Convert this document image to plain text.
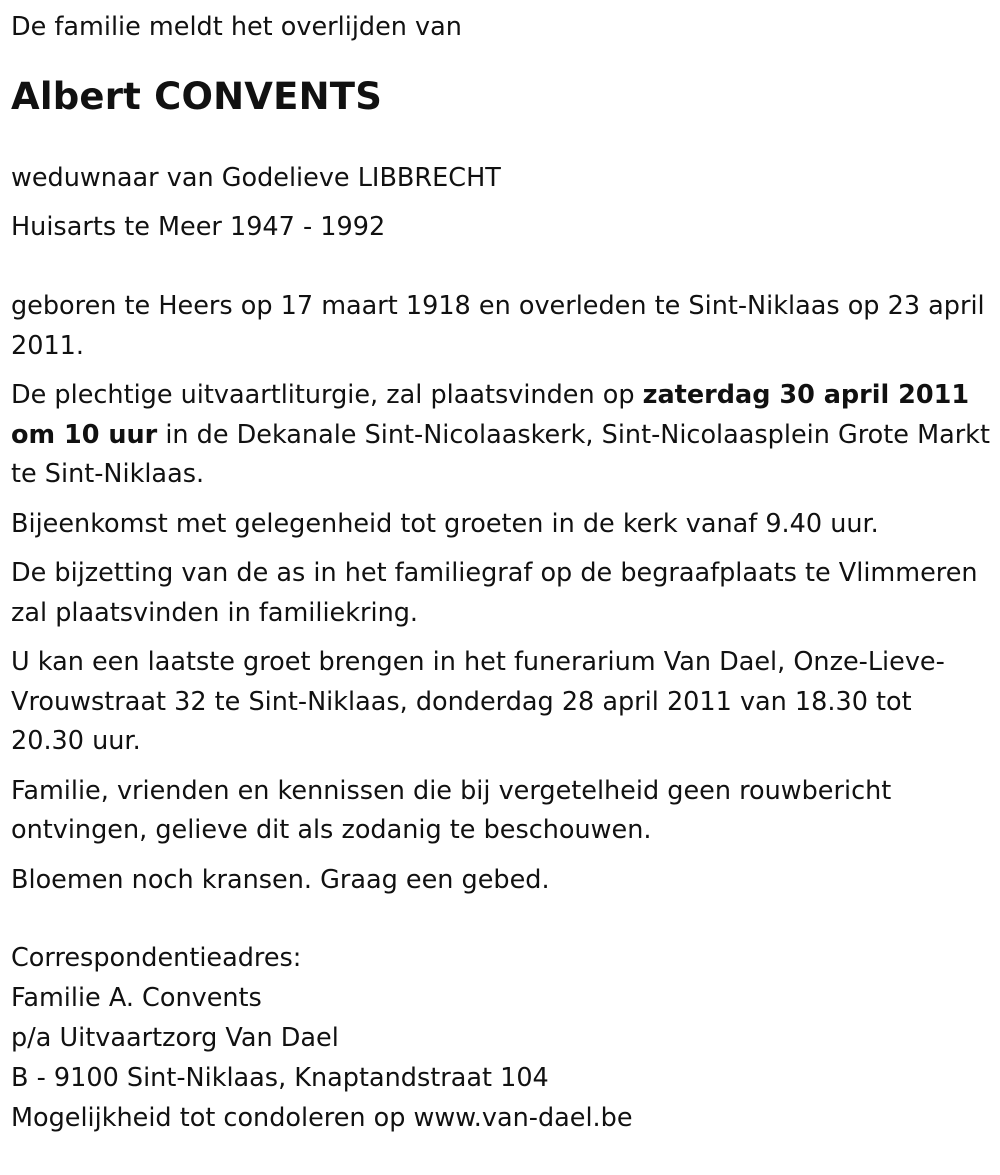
De familie meldt het overlijden van

Albert CONVENTS

weduwnaar van Godelieve LIBBRECHT

Huisarts te Meer 1947 - 1992

geboren te Heers op 17 maart 1918 en overleden te Sint-Niklaas op 23 april 2011.

De plechtige uitvaartliturgie, zal plaatsvinden op zaterdag 30 april 2011 om 10 uur in de Dekanale Sint-Nicolaaskerk, Sint-Nicolaasplein Grote Markt te Sint-Niklaas.

Bijeenkomst met gelegenheid tot groeten in de kerk vanaf 9.40 uur.

De bijzetting van de as in het familiegraf op de begraafplaats te Vlimmeren zal plaatsvinden in familiekring.

U kan een laatste groet brengen in het funerarium Van Dael, Onze-Lieve-Vrouwstraat 32 te Sint-Niklaas, donderdag 28 april 2011 van 18.30 tot 20.30 uur.

Familie, vrienden en kennissen die bij vergetelheid geen rouwbericht ontvingen, gelieve dit als zodanig te beschouwen.

Bloemen noch kransen. Graag een gebed.

Correspondentieadres:

Familie A. Convents

p/a Uitvaartzorg Van Dael

B - 9100 Sint-Niklaas, Knaptandstraat 104

Mogelijkheid tot condoleren op www.van-dael.be
